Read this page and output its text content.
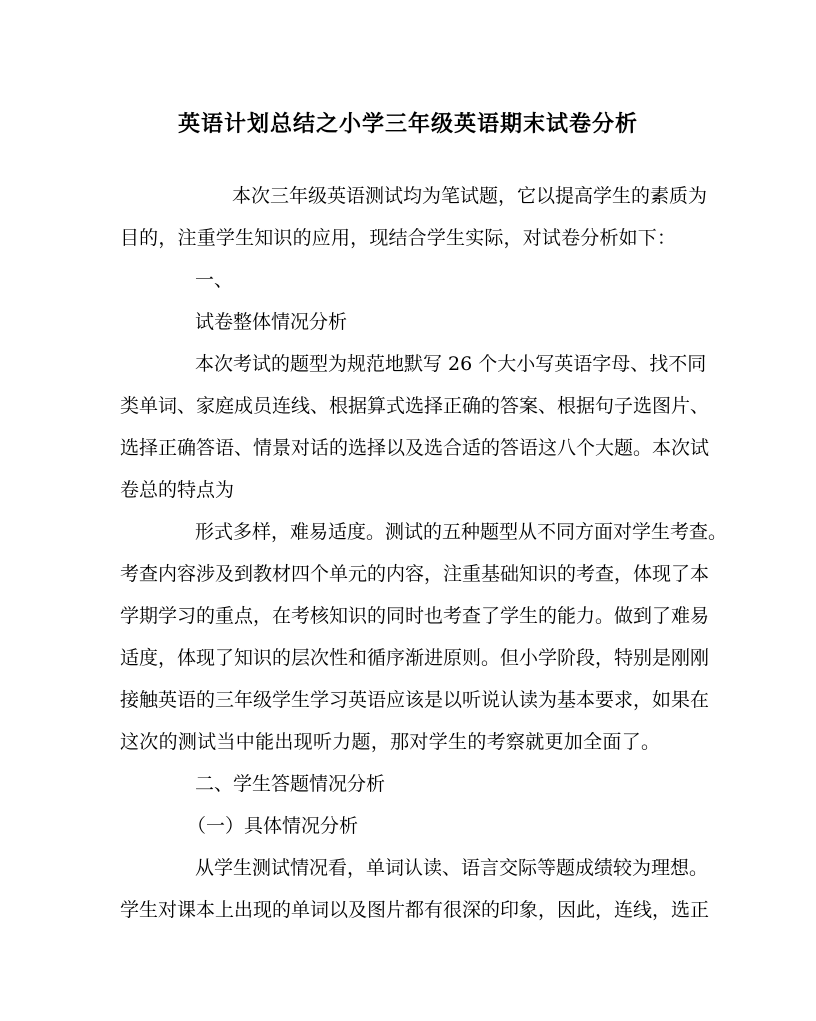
英语计划总结之小学三年级英语期末试卷分析
本次三年级英语测试均为笔试题，它以提高学生的素质为
目的，注重学生知识的应用，现结合学生实际，对试卷分析如下：
一、
试卷整体情况分析
本次考试的题型为规范地默写 26 个大小写英语字母、找不同
类单词、家庭成员连线、根据算式选择正确的答案、根据句子选图片、
选择正确答语、情景对话的选择以及选合适的答语这八个大题。本次试
卷总的特点为
形式多样，难易适度。测试的五种题型从不同方面对学生考查。
考查内容涉及到教材四个单元的内容，注重基础知识的考查，体现了本
学期学习的重点，在考核知识的同时也考查了学生的能力。做到了难易
适度，体现了知识的层次性和循序渐进原则。但小学阶段，特别是刚刚
接触英语的三年级学生学习英语应该是以听说认读为基本要求，如果在
这次的测试当中能出现听力题，那对学生的考察就更加全面了。
二、学生答题情况分析
（一）具体情况分析
从学生测试情况看，单词认读、语言交际等题成绩较为理想。
学生对课本上出现的单词以及图片都有很深的印象，因此，连线，选正
